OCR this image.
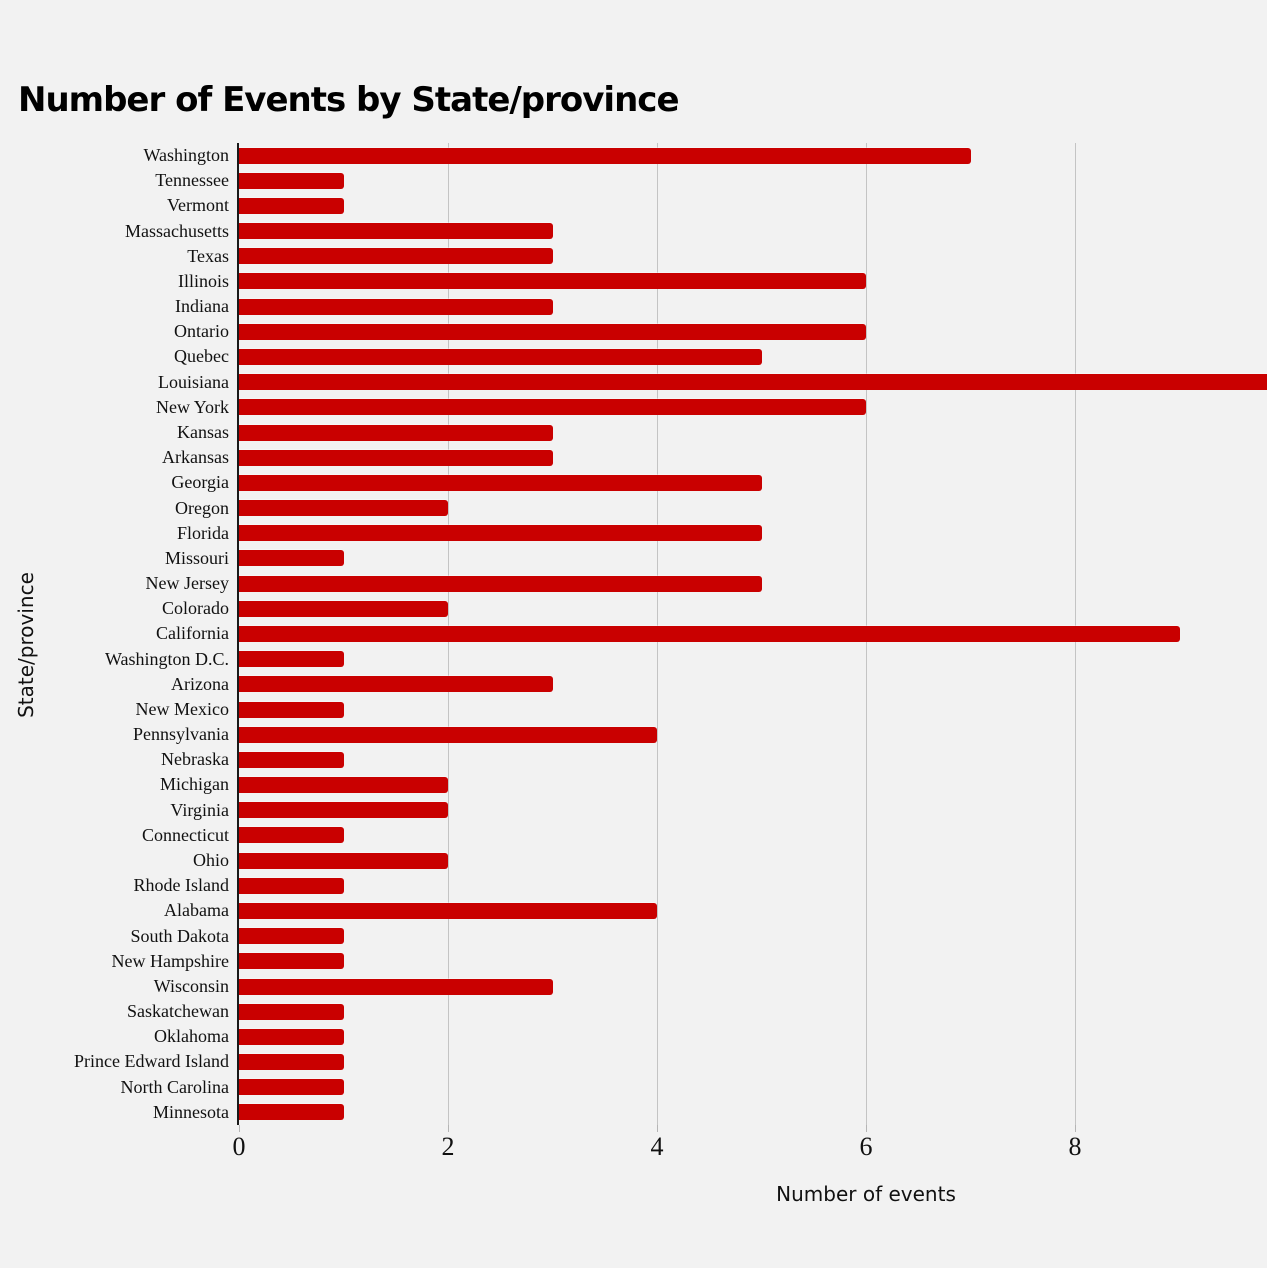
Number of Events by State/province
State/province
Washington
Tennessee
Vermont
Massachusetts
Texas
Illinois
Indiana
Ontario
Quebec
Louisiana
New York
Kansas
Arkansas
Georgia
Oregon
Florida
Missouri
New Jersey
Colorado
California
Washington D.C.
Arizona
New Mexico
Pennsylvania
Nebraska
Michigan
Virginia
Connecticut
Ohio
Rhode Island
Alabama
South Dakota
New Hampshire
Wisconsin
Saskatchewan
Oklahoma
Prince Edward Island
North Carolina
Minnesota
0	2	4	6	8
Number of events
